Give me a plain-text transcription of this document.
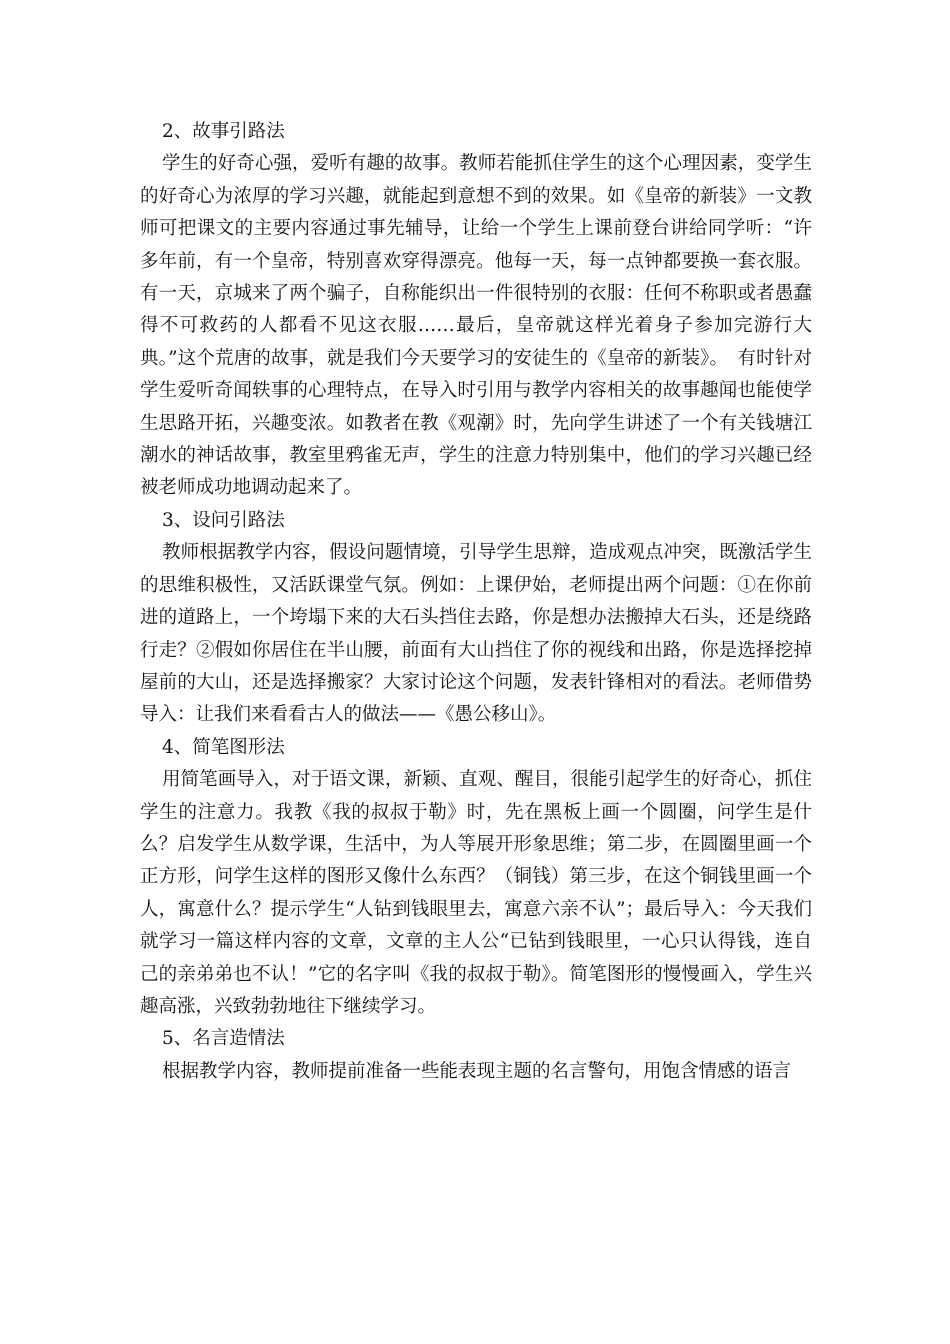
2、故事引路法

学生的好奇心强，爱听有趣的故事。教师若能抓住学生的这个心理因素，变学生的好奇心为浓厚的学习兴趣，就能起到意想不到的效果。如《皇帝的新装》一文教师可把课文的主要内容通过事先辅导，让给一个学生上课前登台讲给同学听：“许多年前，有一个皇帝，特别喜欢穿得漂亮。他每一天，每一点钟都要换一套衣服。有一天，京城来了两个骗子，自称能织出一件很特别的衣服：任何不称职或者愚蠢得不可救药的人都看不见这衣服……最后，皇帝就这样光着身子参加完游行大典。”这个荒唐的故事，就是我们今天要学习的安徒生的《皇帝的新装》。　有时针对学生爱听奇闻轶事的心理特点，在导入时引用与教学内容相关的故事趣闻也能使学生思路开拓，兴趣变浓。如教者在教《观潮》时，先向学生讲述了一个有关钱塘江潮水的神话故事，教室里鸦雀无声，学生的注意力特别集中，他们的学习兴趣已经被老师成功地调动起来了。

3、设问引路法

教师根据教学内容，假设问题情境，引导学生思辩，造成观点冲突，既激活学生的思维积极性，又活跃课堂气氛。例如：上课伊始，老师提出两个问题：①在你前进的道路上，一个垮塌下来的大石头挡住去路，你是想办法搬掉大石头，还是绕路行走？②假如你居住在半山腰，前面有大山挡住了你的视线和出路，你是选择挖掉屋前的大山，还是选择搬家？大家讨论这个问题，发表针锋相对的看法。老师借势导入：让我们来看看古人的做法——《愚公移山》。

4、简笔图形法

用简笔画导入，对于语文课，新颖、直观、醒目，很能引起学生的好奇心，抓住学生的注意力。我教《我的叔叔于勒》时，先在黑板上画一个圆圈，问学生是什么？启发学生从数学课，生活中，为人等展开形象思维；第二步，在圆圈里画一个正方形，问学生这样的图形又像什么东西？（铜钱）第三步，在这个铜钱里画一个人，寓意什么？提示学生“人钻到钱眼里去，寓意六亲不认”；最后导入：今天我们就学习一篇这样内容的文章，文章的主人公“已钻到钱眼里，一心只认得钱，连自己的亲弟弟也不认！”它的名字叫《我的叔叔于勒》。简笔图形的慢慢画入，学生兴趣高涨，兴致勃勃地往下继续学习。

5、名言造情法

根据教学内容，教师提前准备一些能表现主题的名言警句，用饱含情感的语言
